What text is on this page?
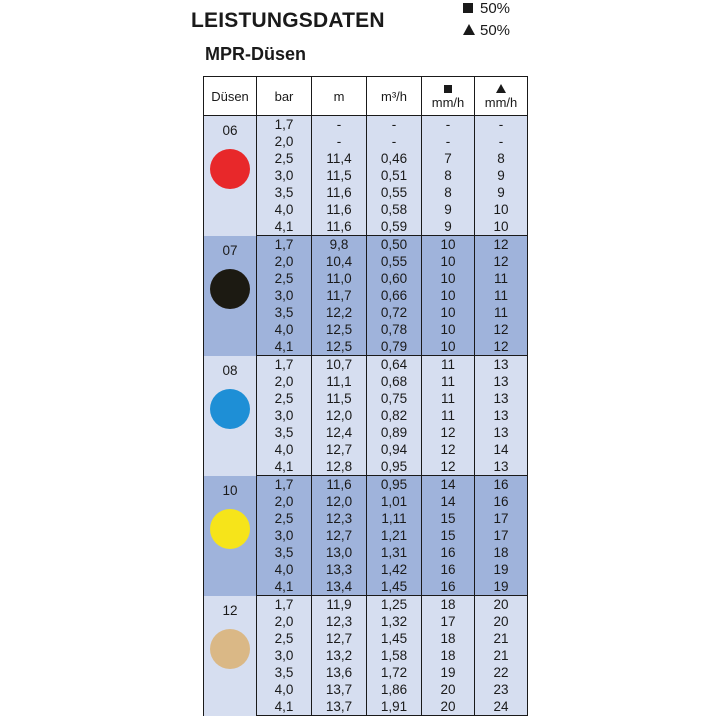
LEISTUNGSDATEN
MPR-Düsen
50%
50%
Düsen	bar	m	m³/h	mm/h	mm/h

06	1,7	-	-	-	-
	2,0	-	-	-	-
	2,5	11,4	0,46	7	8
	3,0	11,5	0,51	8	9
	3,5	11,6	0,55	8	9
	4,0	11,6	0,58	9	10
	4,1	11,6	0,59	9	10

07	1,7	9,8	0,50	10	12
	2,0	10,4	0,55	10	12
	2,5	11,0	0,60	10	11
	3,0	11,7	0,66	10	11
	3,5	12,2	0,72	10	11
	4,0	12,5	0,78	10	12
	4,1	12,5	0,79	10	12

08	1,7	10,7	0,64	11	13
	2,0	11,1	0,68	11	13
	2,5	11,5	0,75	11	13
	3,0	12,0	0,82	11	13
	3,5	12,4	0,89	12	13
	4,0	12,7	0,94	12	14
	4,1	12,8	0,95	12	13

10	1,7	11,6	0,95	14	16
	2,0	12,0	1,01	14	16
	2,5	12,3	1,11	15	17
	3,0	12,7	1,21	15	17
	3,5	13,0	1,31	16	18
	4,0	13,3	1,42	16	19
	4,1	13,4	1,45	16	19

12	1,7	11,9	1,25	18	20
	2,0	12,3	1,32	17	20
	2,5	12,7	1,45	18	21
	3,0	13,2	1,58	18	21
	3,5	13,6	1,72	19	22
	4,0	13,7	1,86	20	23
	4,1	13,7	1,91	20	24
